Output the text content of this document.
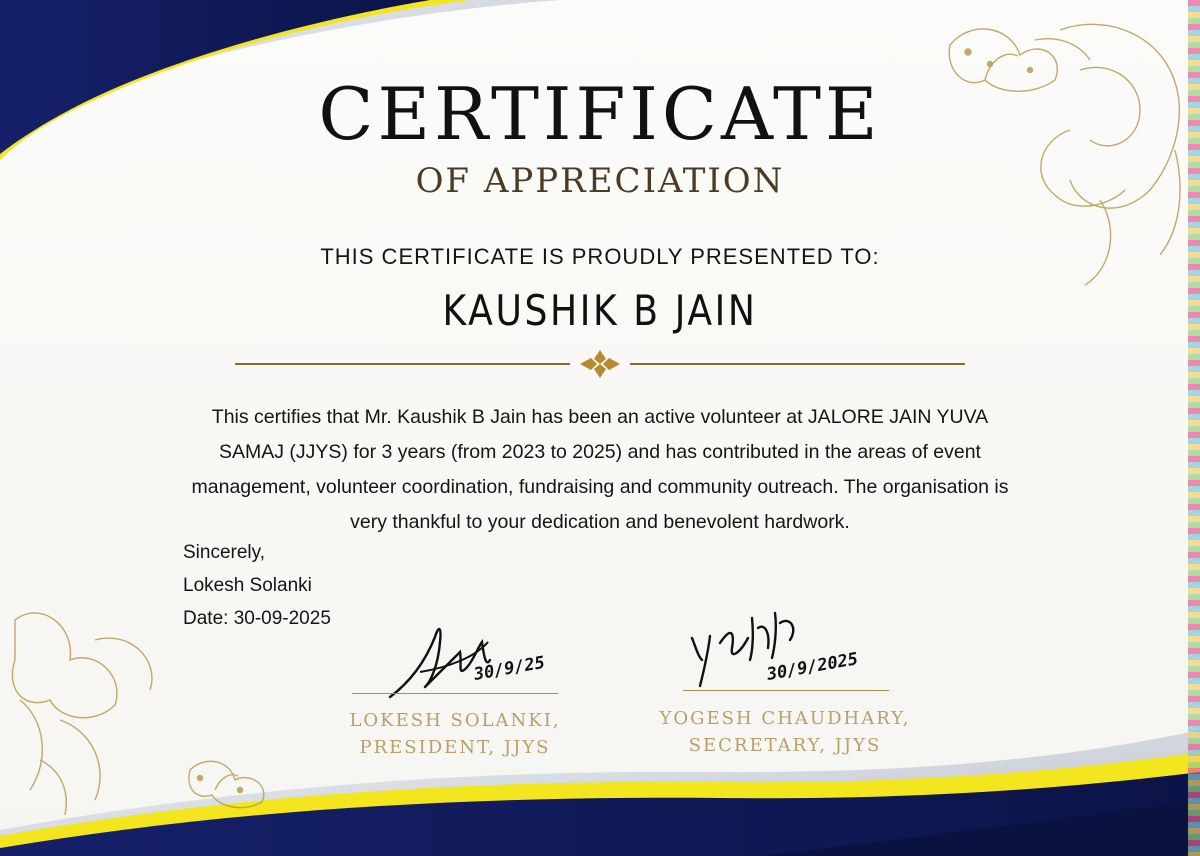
CERTIFICATE
OF APPRECIATION
THIS CERTIFICATE IS PROUDLY PRESENTED TO:
KAUSHIK B JAIN
This certifies that Mr. Kaushik B Jain has been an active volunteer at JALORE JAIN YUVA SAMAJ (JJYS) for 3 years (from 2023 to 2025) and has contributed in the areas of event management, volunteer coordination, fundraising and community outreach. The organisation is very thankful to your dedication and benevolent hardwork.
Sincerely,
Lokesh Solanki
Date: 30-09-2025
30/9/25
LOKESH SOLANKI,
PRESIDENT, JJYS
30/9/2025
YOGESH CHAUDHARY,
SECRETARY, JJYS
